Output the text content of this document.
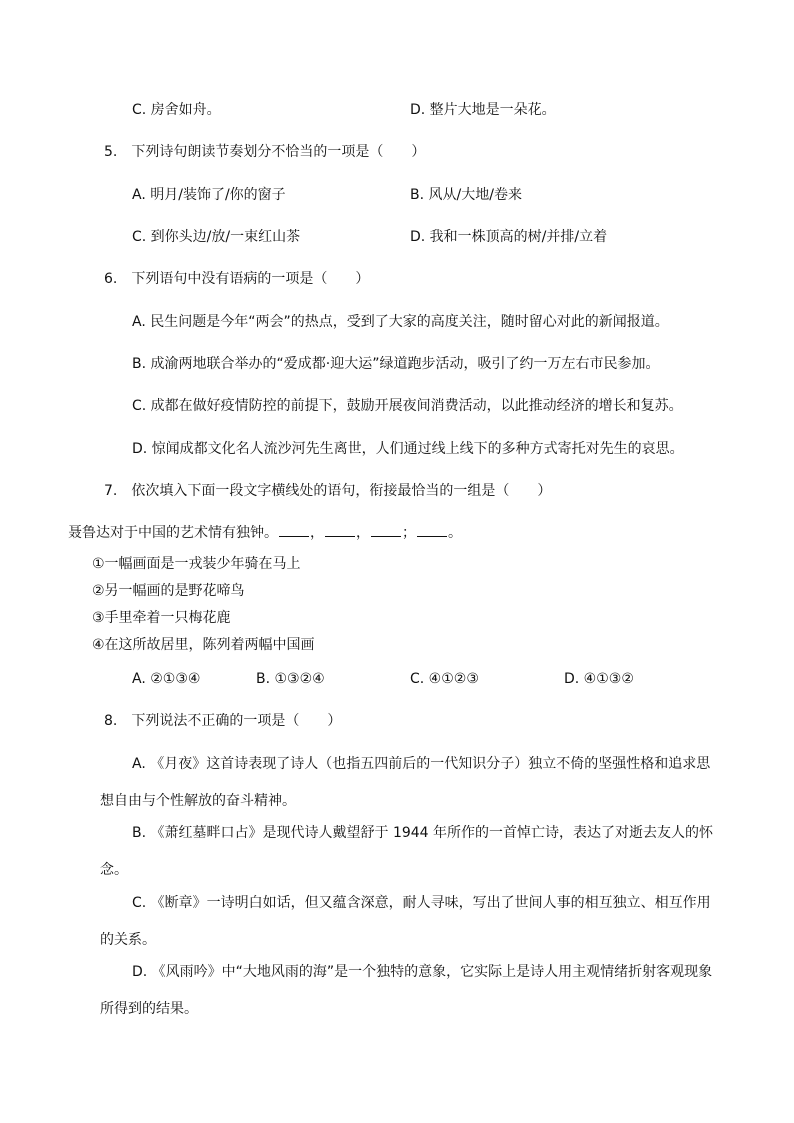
C. 房舍如舟。	D. 整片大地是一朵花。
5.　下列诗句朗读节奏划分不恰当的一项是（　　）
A. 明月/装饰了/你的窗子	B. 风从/大地/卷来
C. 到你头边/放/一束红山茶	D. 我和一株顶高的树/并排/立着
6.　下列语句中没有语病的一项是（　　）
A. 民生问题是今年“两会”的热点，受到了大家的高度关注，随时留心对此的新闻报道。
B. 成渝两地联合举办的“爱成都·迎大运”绿道跑步活动，吸引了约一万左右市民参加。
C. 成都在做好疫情防控的前提下，鼓励开展夜间消费活动，以此推动经济的增长和复苏。
D. 惊闻成都文化名人流沙河先生离世，人们通过线上线下的多种方式寄托对先生的哀思。
7.　依次填入下面一段文字横线处的语句，衔接最恰当的一组是（　　）
聂鲁达对于中国的艺术情有独钟。 ， ， ； 。
①一幅画面是一戎装少年骑在马上
②另一幅画的是野花啼鸟
③手里牵着一只梅花鹿
④在这所故居里，陈列着两幅中国画
A. ②①③④	B. ①③②④	C. ④①②③	D. ④①③②
8.　下列说法不正确的一项是（　　）
A. 《月夜》这首诗表现了诗人（也指五四前后的一代知识分子）独立不倚的坚强性格和追求思
想自由与个性解放的奋斗精神。
B. 《萧红墓畔口占》是现代诗人戴望舒于 1944 年所作的一首悼亡诗，表达了对逝去友人的怀
念。
C. 《断章》一诗明白如话，但又蕴含深意，耐人寻味，写出了世间人事的相互独立、相互作用
的关系。
D. 《风雨吟》中“大地风雨的海”是一个独特的意象，它实际上是诗人用主观情绪折射客观现象
所得到的结果。
